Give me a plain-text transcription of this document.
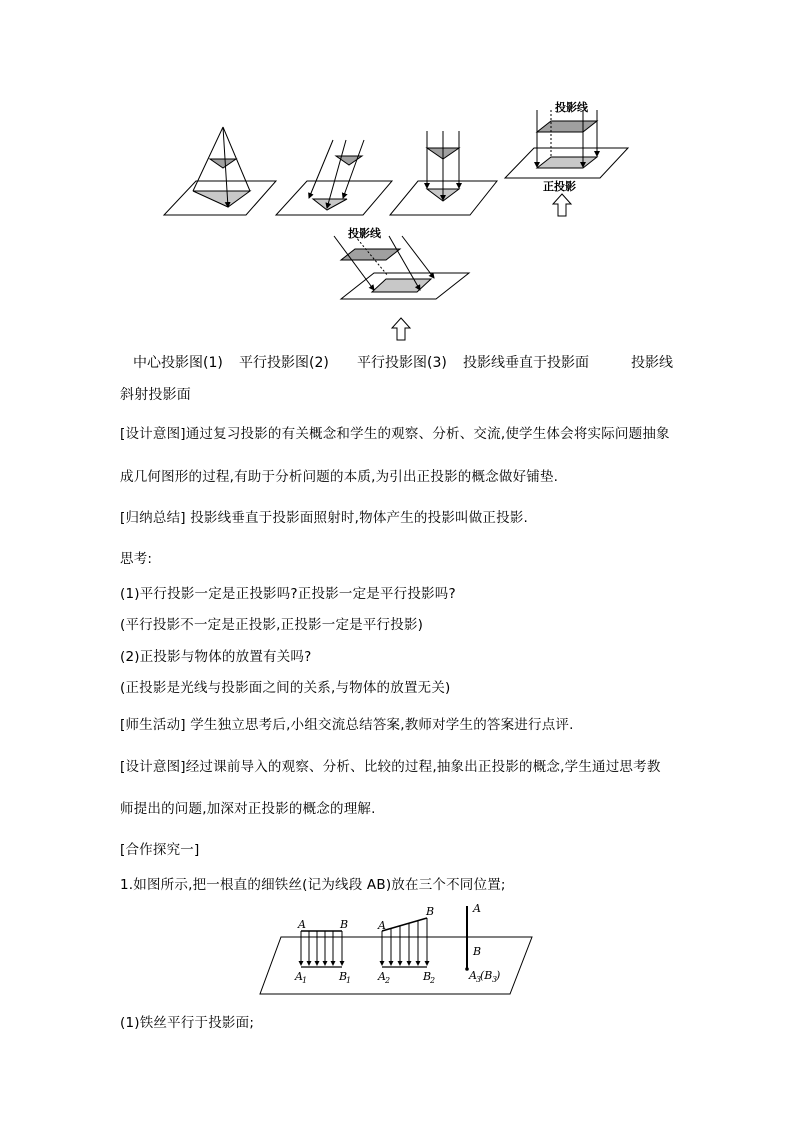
投影线
正投影
投影线
中心投影图(1) 平行投影图(2) 平行投影图(3) 投影线垂直于投影面	投影线
斜射投影面
[设计意图]通过复习投影的有关概念和学生的观察、分析、交流,使学生体会将实际问题抽象
成几何图形的过程,有助于分析问题的本质,为引出正投影的概念做好铺垫.
[归纳总结] 投影线垂直于投影面照射时,物体产生的投影叫做正投影.
思考:
(1)平行投影一定是正投影吗?正投影一定是平行投影吗?
(平行投影不一定是正投影,正投影一定是平行投影)
(2)正投影与物体的放置有关吗?
(正投影是光线与投影面之间的关系,与物体的放置无关)
[师生活动] 学生独立思考后,小组交流总结答案,教师对学生的答案进行点评.
[设计意图]经过课前导入的观察、分析、比较的过程,抽象出正投影的概念,学生通过思考教
师提出的问题,加深对正投影的概念的理解.
[合作探究一]
1.如图所示,把一根直的细铁丝(记为线段 AB)放在三个不同位置;
A	B
A 1	B
1
A
B
A 2	B
2
A
B
A 3
(B 3
)
(1)铁丝平行于投影面;
